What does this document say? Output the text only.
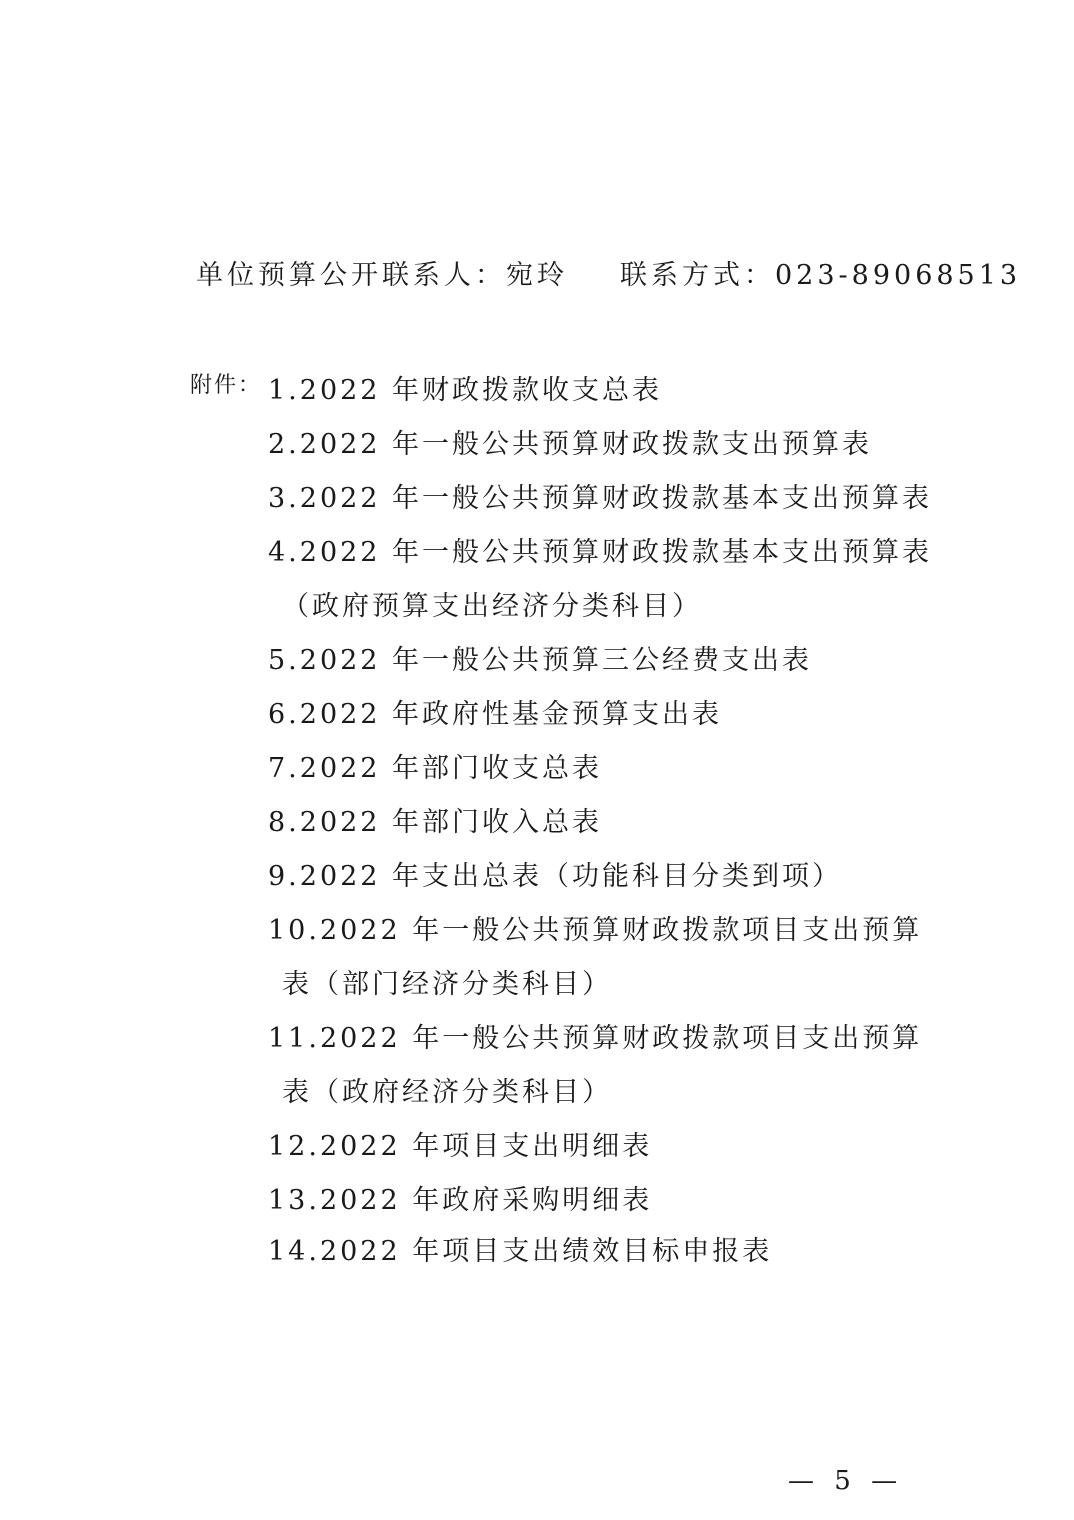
单位预算公开联系人：宛玲 联系方式：023-89068513
附件： 1.2022 年财政拨款收支总表
2.2022 年一般公共预算财政拨款支出预算表
3.2022 年一般公共预算财政拨款基本支出预算表
4.2022 年一般公共预算财政拨款基本支出预算表（政府预算支出经济分类科目）
5.2022 年一般公共预算三公经费支出表
6.2022 年政府性基金预算支出表
7.2022 年部门收支总表
8.2022 年部门收入总表
9.2022 年支出总表（功能科目分类到项）
10.2022 年一般公共预算财政拨款项目支出预算表（部门经济分类科目）
11.2022 年一般公共预算财政拨款项目支出预算表（政府经济分类科目）
12.2022 年项目支出明细表
13.2022 年政府采购明细表
14.2022 年项目支出绩效目标申报表
— 5 —
